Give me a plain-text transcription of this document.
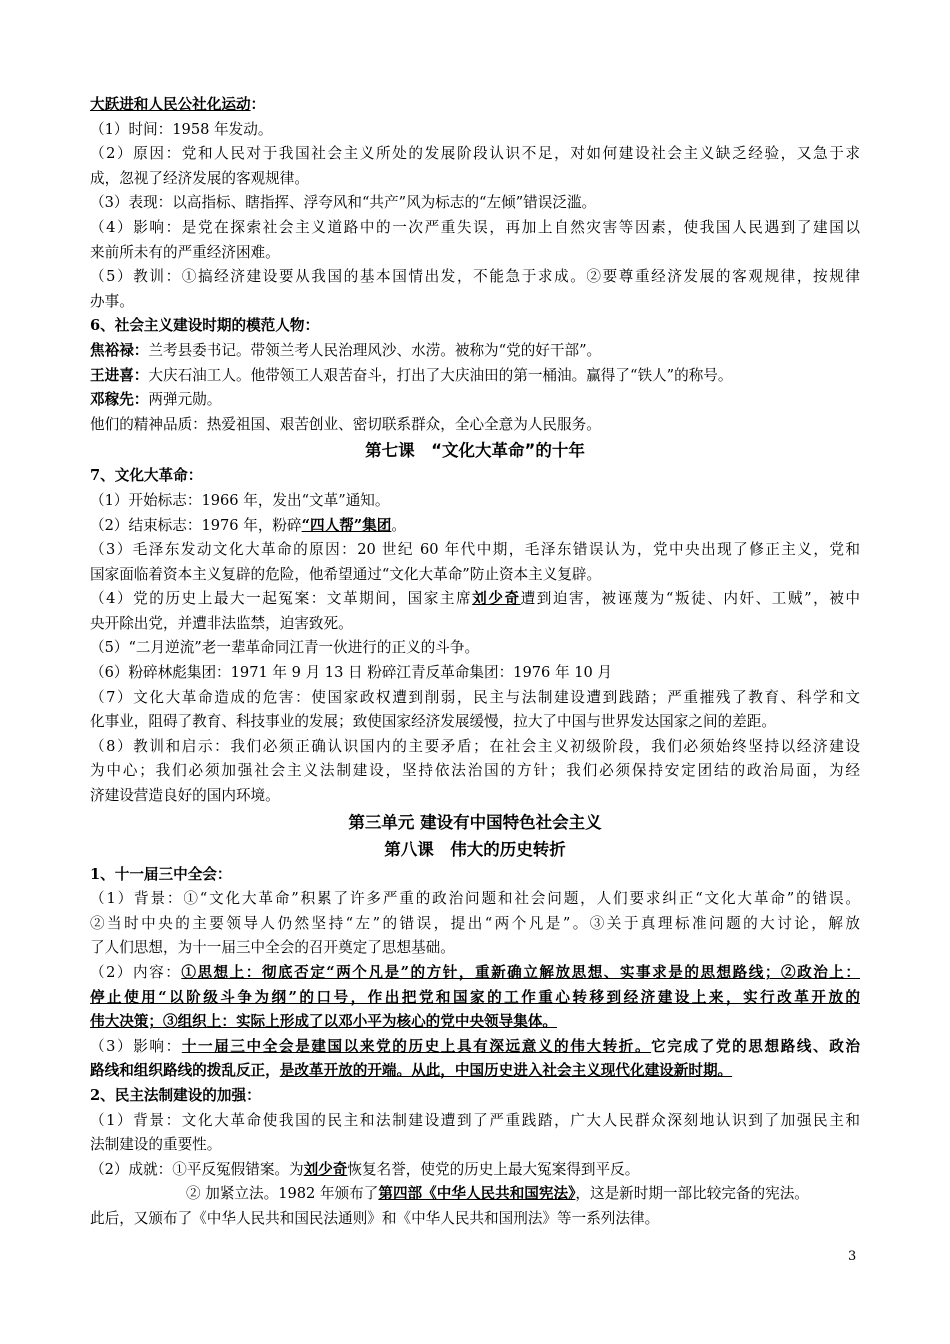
大跃进和人民公社化运动：
（1）时间：1958 年发动。
（2）原因：党和人民对于我国社会主义所处的发展阶段认识不足，对如何建设社会主义缺乏经验，又急于求
成，忽视了经济发展的客观规律。
（3）表现：以高指标、瞎指挥、浮夸风和“共产”风为标志的“左倾”错误泛滥。
（4）影响：是党在探索社会主义道路中的一次严重失误，再加上自然灾害等因素，使我国人民遇到了建国以
来前所未有的严重经济困难。
（5）教训：①搞经济建设要从我国的基本国情出发，不能急于求成。②要尊重经济发展的客观规律，按规律
办事。
6、社会主义建设时期的模范人物：
焦裕禄：兰考县委书记。带领兰考人民治理风沙、水涝。被称为“党的好干部”。
王进喜：大庆石油工人。他带领工人艰苦奋斗，打出了大庆油田的第一桶油。赢得了“铁人”的称号。
邓稼先：两弹元勋。
他们的精神品质：热爱祖国、艰苦创业、密切联系群众，全心全意为人民服务。
第七课　“文化大革命”的十年
7、文化大革命：
（1）开始标志：1966 年，发出“文革”通知。
（2）结束标志：1976 年，粉碎“四人帮”集团。
（3）毛泽东发动文化大革命的原因：20 世纪 60 年代中期，毛泽东错误认为，党中央出现了修正主义，党和
国家面临着资本主义复辟的危险，他希望通过“文化大革命”防止资本主义复辟。
（4）党的历史上最大一起冤案：文革期间，国家主席刘少奇遭到迫害，被诬蔑为“叛徒、内奸、工贼”，被中
央开除出党，并遭非法监禁，迫害致死。
（5）“二月逆流”老一辈革命同江青一伙进行的正义的斗争。
（6）粉碎林彪集团：1971 年 9 月 13 日 粉碎江青反革命集团：1976 年 10 月
（7）文化大革命造成的危害：使国家政权遭到削弱，民主与法制建设遭到践踏；严重摧残了教育、科学和文
化事业，阻碍了教育、科技事业的发展；致使国家经济发展缓慢，拉大了中国与世界发达国家之间的差距。
（8）教训和启示：我们必须正确认识国内的主要矛盾；在社会主义初级阶段，我们必须始终坚持以经济建设
为中心；我们必须加强社会主义法制建设，坚持依法治国的方针；我们必须保持安定团结的政治局面，为经
济建设营造良好的国内环境。
第三单元 建设有中国特色社会主义
第八课　伟大的历史转折
1、十一届三中全会：
（1）背景：①“文化大革命”积累了许多严重的政治问题和社会问题，人们要求纠正“文化大革命”的错误。
②当时中央的主要领导人仍然坚持“左”的错误，提出“两个凡是”。③关于真理标准问题的大讨论，解放
了人们思想，为十一届三中全会的召开奠定了思想基础。
（2）内容：①思想上：彻底否定“两个凡是”的方针，重新确立解放思想、实事求是的思想路线；②政治上：
停止使用“以阶级斗争为纲”的口号，作出把党和国家的工作重心转移到经济建设上来，实行改革开放的
伟大决策；③组织上：实际上形成了以邓小平为核心的党中央领导集体。
（3）影响：十一届三中全会是建国以来党的历史上具有深远意义的伟大转折。它完成了党的思想路线、政治
路线和组织路线的拨乱反正，是改革开放的开端。从此，中国历史进入社会主义现代化建设新时期。
2、民主法制建设的加强：
（1）背景：文化大革命使我国的民主和法制建设遭到了严重践踏，广大人民群众深刻地认识到了加强民主和
法制建设的重要性。
（2）成就：①平反冤假错案。为刘少奇恢复名誉，使党的历史上最大冤案得到平反。
② 加紧立法。1982 年颁布了第四部《中华人民共和国宪法》，这是新时期一部比较完备的宪法。
此后，又颁布了《中华人民共和国民法通则》和《中华人民共和国刑法》等一系列法律。
3
